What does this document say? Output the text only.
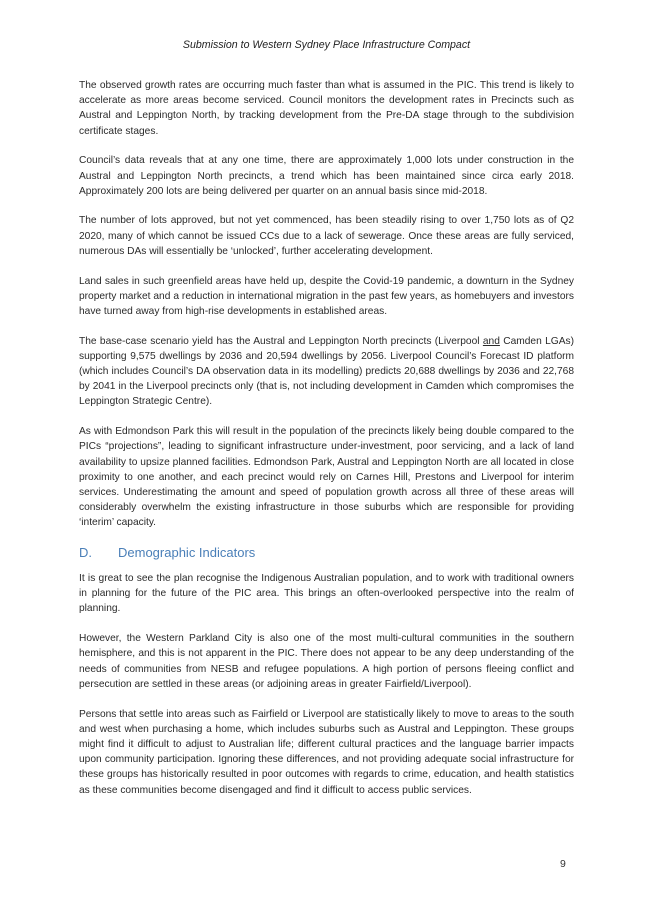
Submission to Western Sydney Place Infrastructure Compact

The observed growth rates are occurring much faster than what is assumed in the PIC. This trend is likely to accelerate as more areas become serviced. Council monitors the development rates in Precincts such as Austral and Leppington North, by tracking development from the Pre-DA stage through to the subdivision certificate stages.

Council’s data reveals that at any one time, there are approximately 1,000 lots under construction in the Austral and Leppington North precincts, a trend which has been maintained since circa early 2018. Approximately 200 lots are being delivered per quarter on an annual basis since mid-2018.

The number of lots approved, but not yet commenced, has been steadily rising to over 1,750 lots as of Q2 2020, many of which cannot be issued CCs due to a lack of sewerage. Once these areas are fully serviced, numerous DAs will essentially be ‘unlocked’, further accelerating development.

Land sales in such greenfield areas have held up, despite the Covid-19 pandemic, a downturn in the Sydney property market and a reduction in international migration in the past few years, as homebuyers and investors have turned away from high-rise developments in established areas.

The base-case scenario yield has the Austral and Leppington North precincts (Liverpool and Camden LGAs) supporting 9,575 dwellings by 2036 and 20,594 dwellings by 2056. Liverpool Council’s Forecast ID platform (which includes Council’s DA observation data in its modelling) predicts 20,688 dwellings by 2036 and 22,768 by 2041 in the Liverpool precincts only (that is, not including development in Camden which compromises the Leppington Strategic Centre).

As with Edmondson Park this will result in the population of the precincts likely being double compared to the PICs “projections”, leading to significant infrastructure under-investment, poor servicing, and a lack of land availability to upsize planned facilities. Edmondson Park, Austral and Leppington North are all located in close proximity to one another, and each precinct would rely on Carnes Hill, Prestons and Liverpool for interim services. Underestimating the amount and speed of population growth across all three of these areas will considerably overwhelm the existing infrastructure in those suburbs which are responsible for providing ‘interim’ capacity.

D.	Demographic Indicators

It is great to see the plan recognise the Indigenous Australian population, and to work with traditional owners in planning for the future of the PIC area. This brings an often-overlooked perspective into the realm of planning.

However, the Western Parkland City is also one of the most multi-cultural communities in the southern hemisphere, and this is not apparent in the PIC. There does not appear to be any deep understanding of the needs of communities from NESB and refugee populations. A high portion of persons fleeing conflict and persecution are settled in these areas (or adjoining areas in greater Fairfield/Liverpool).

Persons that settle into areas such as Fairfield or Liverpool are statistically likely to move to areas to the south and west when purchasing a home, which includes suburbs such as Austral and Leppington. These groups might find it difficult to adjust to Australian life; different cultural practices and the language barrier impacts upon community participation. Ignoring these differences, and not providing adequate social infrastructure for these groups has historically resulted in poor outcomes with regards to crime, education, and health statistics as these communities become disengaged and find it difficult to access public services.

9
